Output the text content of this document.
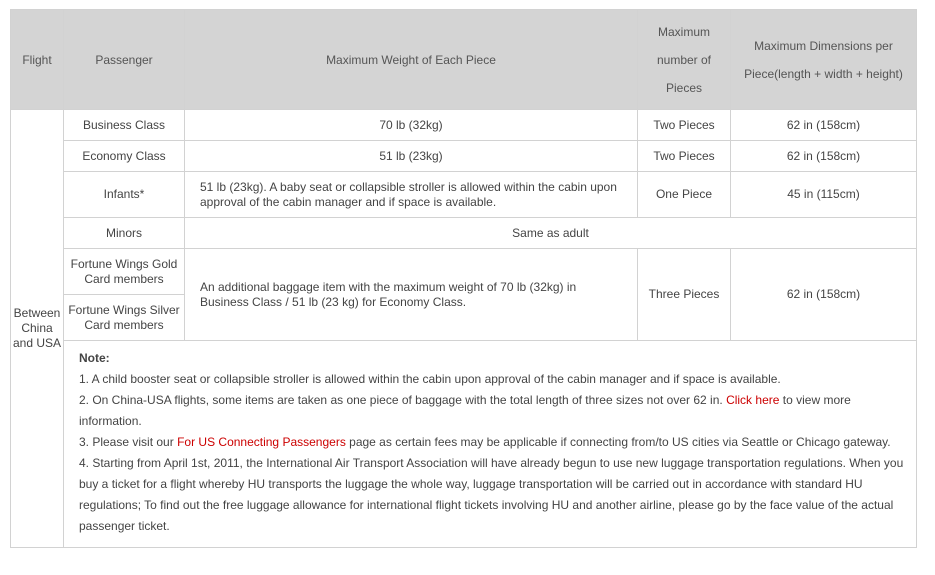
Flight	Passenger	Maximum Weight of Each Piece	Maximum number of Pieces	Maximum Dimensions per Piece(length + width + height)
Between China and USA	Business Class	70 lb (32kg)	Two Pieces	62 in (158cm)
	Economy Class	51 lb (23kg)	Two Pieces	62 in (158cm)
	Infants*	51 lb (23kg). A baby seat or collapsible stroller is allowed within the cabin upon approval of the cabin manager and if space is available.	One Piece	45 in (115cm)
	Minors	Same as adult		
	Fortune Wings Gold Card members	An additional baggage item with the maximum weight of 70 lb (32kg) in Business Class / 51 lb (23 kg) for Economy Class.	Three Pieces	62 in (158cm)
	Fortune Wings Silver Card members			

	Note:
1. A child booster seat or collapsible stroller is allowed within the cabin upon approval of the cabin manager and if space is available.
2. On China-USA flights, some items are taken as one piece of baggage with the total length of three sizes not over 62 in. Click here to view more information.
3. Please visit our For US Connecting Passengers page as certain fees may be applicable if connecting from/to US cities via Seattle or Chicago gateway.
4. Starting from April 1st, 2011, the International Air Transport Association will have already begun to use new luggage transportation regulations. When you buy a ticket for a flight whereby HU transports the luggage the whole way, luggage transportation will be carried out in accordance with standard HU regulations; To find out the free luggage allowance for international flight tickets involving HU and another airline, please go by the face value of the actual passenger ticket.			
